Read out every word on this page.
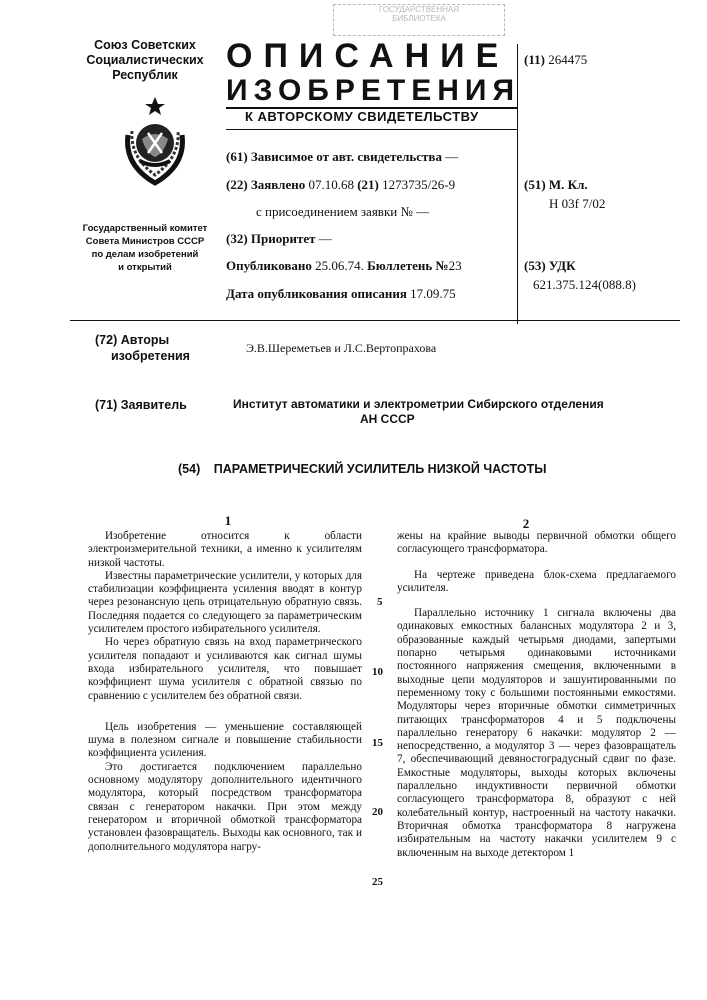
ГОСУДАРСТВЕННАЯ
БИБЛИОТЕКА
Союз Советских
Социалистических
Республик
Государственный комитет
Совета Министров СССР
по делам изобретений
и открытий
ОПИСАНИЕ
ИЗОБРЕТЕНИЯ
К АВТОРСКОМУ СВИДЕТЕЛЬСТВУ
(11) 264475
(61) Зависимое от авт. свидетельства —
(22) Заявлено 07.10.68 (21) 1273735/26-9
с присоединением заявки № —
(32) Приоритет —
Опубликовано 25.06.74. Бюллетень №23
Дата опубликования описания 17.09.75
(51) М. Кл.
Н 03f 7/02
(53) УДК
621.375.124(088.8)
(72) Авторы
изобретения
Э.В.Шереметьев и Л.С.Вертопрахова
(71) Заявитель	Институт автоматики и электрометрии Сибирского отделения
АН СССР
(54) ПАРАМЕТРИЧЕСКИЙ УСИЛИТЕЛЬ НИЗКОЙ ЧАСТОТЫ
1	2

Изобретение относится к области электроизмерительной техники, а именно к усилителям низкой частоты.

Известны параметрические усилители, у которых для стабилизации коэффициента усиления вводят в контур через резонансную цепь отрицательную обратную связь. Последняя подается со следующего за параметрическим усилителем простого избирательного усилителя.

Но через обратную связь на вход параметрического усилителя попадают и усиливаются как сигнал шумы входа избирательного усилителя, что повышает коэффициент шума усилителя с обратной связью по сравнению с усилителем без обратной связи.

Цель изобретения — уменьшение составляющей шума в полезном сигнале и повышение стабильности коэффициента усиления.

Это достигается подключением параллельно основному модулятору дополнительного идентичного модулятора, который посредством трансформатора связан с генератором накачки. При этом между генератором и вторичной обмоткой трансформатора установлен фазовращатель. Выходы как основного, так и дополнительного модулятора нагру-

5
10
15
20
25

жены на крайние выводы первичной обмотки общего согласующего трансформатора.

На чертеже приведена блок-схема предлагаемого усилителя.

Параллельно источнику 1 сигнала включены два одинаковых емкостных балансных модулятора 2 и 3, образованные каждый четырьмя диодами, запертыми попарно четырьмя одинаковыми источниками постоянного напряжения смещения, включенными в выходные цепи модуляторов и зашунтированными по переменному току с большими постоянными емкостями. Модуляторы через вторичные обмотки симметричных питающих трансформаторов 4 и 5 подключены параллельно генератору 6 накачки: модулятор 2 — непосредственно, а модулятор 3 — через фазовращатель 7, обеспечивающий девяностоградусный сдвиг по фазе. Емкостные модуляторы, выходы которых включены параллельно индуктивности первичной обмотки согласующего трансформатора 8, образуют с ней колебательный контур, настроенный на частоту накачки. Вторичная обмотка трансформатора 8 нагружена избирательным на частоту накачки усилителем 9 с включенным на выходе детектором 1
